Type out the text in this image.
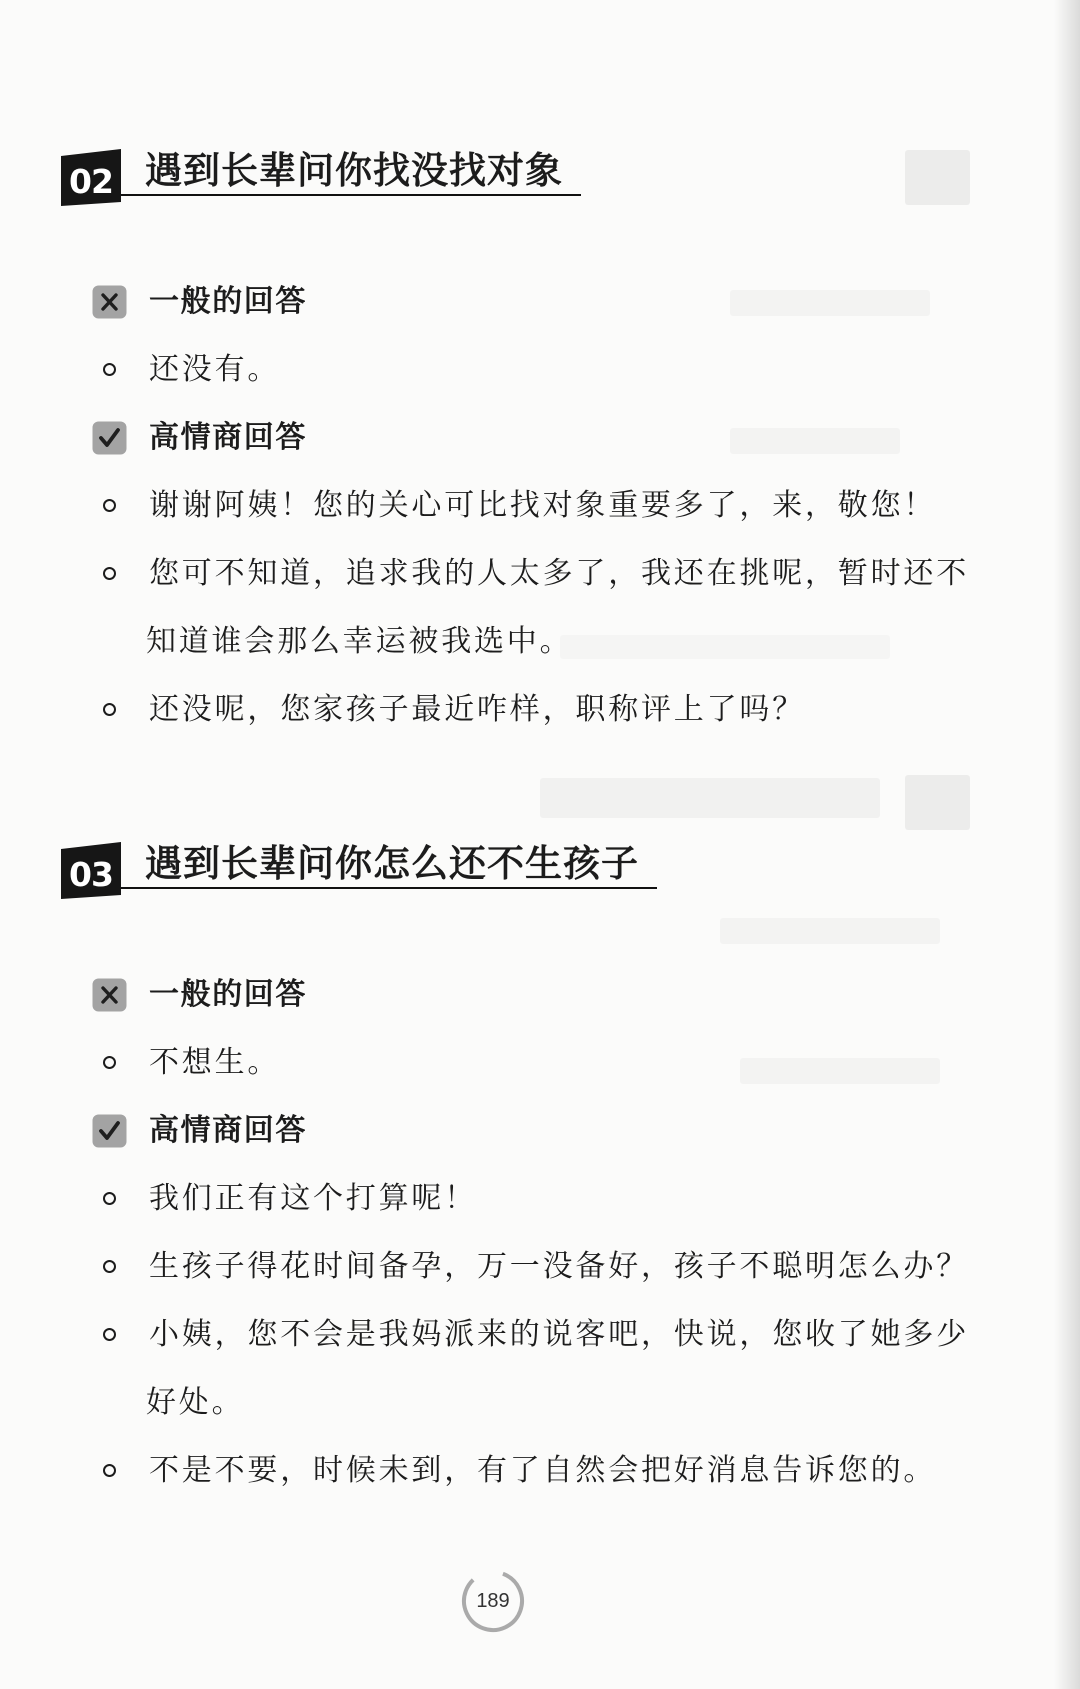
02 遇到长辈问你找没找对象
一般的回答
还没有。
高情商回答
谢谢阿姨！您的关心可比找对象重要多了，来，敬您！
您可不知道，追求我的人太多了，我还在挑呢，暂时还不
知道谁会那么幸运被我选中。
还没呢，您家孩子最近咋样，职称评上了吗？
03 遇到长辈问你怎么还不生孩子
一般的回答
不想生。
高情商回答
我们正有这个打算呢！
生孩子得花时间备孕，万一没备好，孩子不聪明怎么办？
小姨，您不会是我妈派来的说客吧，快说，您收了她多少
好处。
不是不要，时候未到，有了自然会把好消息告诉您的。
189
